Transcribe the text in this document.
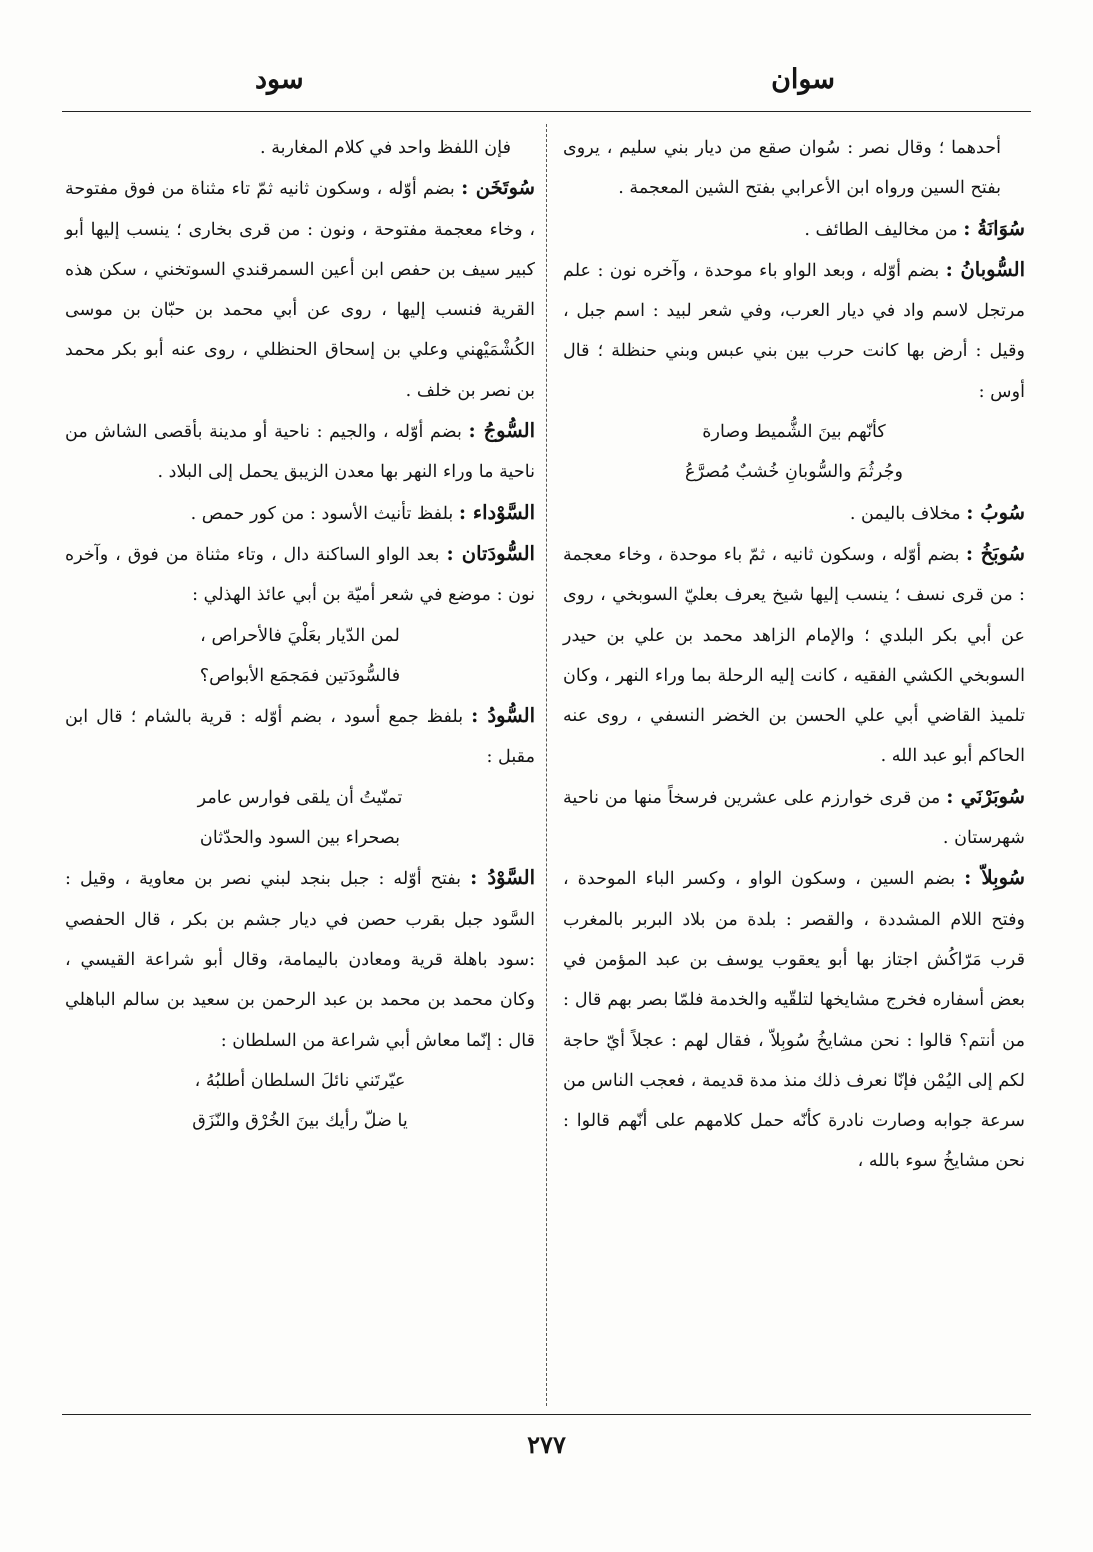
سوان
سود

أحدهما ؛ وقال نصر : سُوان صقع من ديار بني سليم ، يروى بفتح السين ورواه ابن الأعرابي بفتح الشين المعجمة .

سُوَانَةُ : من مخاليف الطائف .

السُّوبانُ : بضم أوّله ، وبعد الواو باء موحدة ، وآخره نون : علم مرتجل لاسم واد في ديار العرب، وفي شعر لبيد : اسم جبل ، وقيل : أرض بها كانت حرب بين بني عبس وبني حنظلة ؛ قال أوس :

كأنّهم بينَ الشُّميط وصارة

وجُرثُمَ والسُّوبانِ خُشبٌ مُصرَّعُ

سُوبُ : مخلاف باليمن .

سُوبَخُ : بضم أوّله ، وسكون ثانيه ، ثمّ باء موحدة ، وخاء معجمة : من قرى نسف ؛ ينسب إليها شيخ يعرف بعليّ السوبخي ، روى عن أبي بكر البلدي ؛ والإمام الزاهد محمد بن علي بن حيدر السوبخي الكشي الفقيه ، كانت إليه الرحلة بما وراء النهر ، وكان تلميذ القاضي أبي علي الحسن بن الخضر النسفي ، روى عنه الحاكم أبو عبد الله .

سُوبَرْنَي : من قرى خوارزم على عشرين فرسخاً منها من ناحية شهرستان .

سُوبِلاّ : بضم السين ، وسكون الواو ، وكسر الباء الموحدة ، وفتح اللام المشددة ، والقصر : بلدة من بلاد البربر بالمغرب قرب مَرّاكُش اجتاز بها أبو يعقوب يوسف بن عبد المؤمن في بعض أسفاره فخرج مشايخها لتلقّيه والخدمة فلمّا بصر بهم قال : من أنتم؟ قالوا : نحن مشايخُ سُوبِلاّ ، فقال لهم : عجلاً أيّ حاجة لكم إلى اليُمْن فإنّا نعرف ذلك منذ مدة قديمة ، فعجب الناس من سرعة جوابه وصارت نادرة كأنّه حمل كلامهم على أنّهم قالوا : نحن مشايخُ سوء بالله ،

فإن اللفظ واحد في كلام المغاربة .

سُوتَخَن : بضم أوّله ، وسكون ثانيه ثمّ تاء مثناة من فوق مفتوحة ، وخاء معجمة مفتوحة ، ونون : من قرى بخارى ؛ ينسب إليها أبو كبير سيف بن حفص ابن أعين السمرقندي السوتخني ، سكن هذه القرية فنسب إليها ، روى عن أبي محمد بن حبّان بن موسى الكُشْمَيْهني وعلي بن إسحاق الحنظلي ، روى عنه أبو بكر محمد بن نصر بن خلف .

السُّوجُ : بضم أوّله ، والجيم : ناحية أو مدينة بأقصى الشاش من ناحية ما وراء النهر بها معدن الزيبق يحمل إلى البلاد .

السَّوْداء : بلفظ تأنيث الأسود : من كور حمص .

السُّودَتان : بعد الواو الساكنة دال ، وتاء مثناة من فوق ، وآخره نون : موضع في شعر أميّة بن أبي عائذ الهذلي :

لمن الدّيار بعَلْيَ فالأحراص ،

فالسُّودَتين فمَجمَع الأبواص؟

السُّودُ : بلفظ جمع أسود ، بضم أوّله : قرية بالشام ؛ قال ابن مقبل :

تمنّيتُ أن يلقى فوارس عامر

بصحراء بين السود والحدّثان

السَّوْدُ : بفتح أوّله : جبل بنجد لبني نصر بن معاوية ، وقيل : السَّود جبل بقرب حصن في ديار جشم بن بكر ، قال الحفصي :سود باهلة قرية ومعادن باليمامة، وقال أبو شراعة القيسي ، وكان محمد بن محمد بن عبد الرحمن بن سعيد بن سالم الباهلي قال : إنّما معاش أبي شراعة من السلطان :

عيّرتَني نائلَ السلطان أطلبُهُ ،

يا ضلّ رأيك بينَ الخُرْق والنّزَق

٢٧٧
